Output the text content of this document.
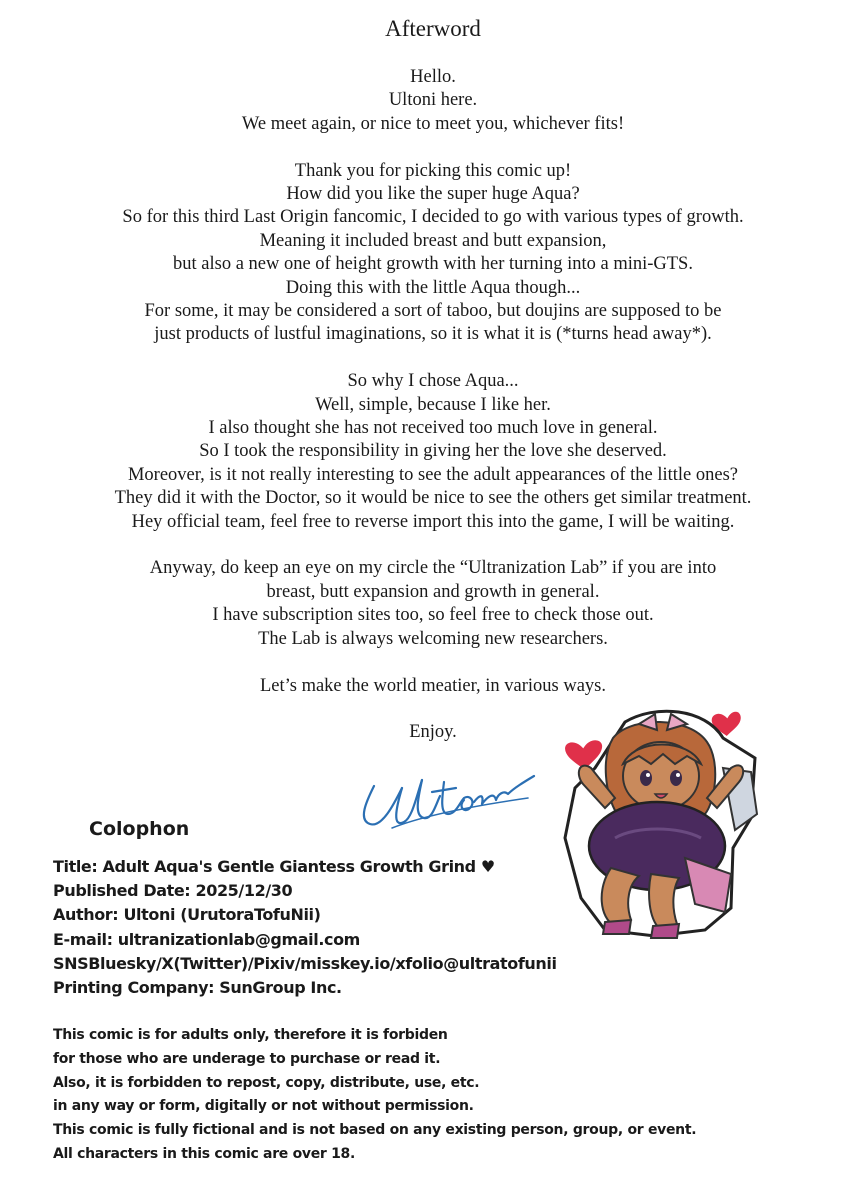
Afterword

Hello.

Ultoni here.

We meet again, or nice to meet you, whichever fits!

Thank you for picking this comic up!

How did you like the super huge Aqua?

So for this third Last Origin fancomic, I decided to go with various types of growth.

Meaning it included breast and butt expansion,

but also a new one of height growth with her turning into a mini-GTS.

Doing this with the little Aqua though...

For some, it may be considered a sort of taboo, but doujins are supposed to be

just products of lustful imaginations, so it is what it is (*turns head away*).

So why I chose Aqua...

Well, simple, because I like her.

I also thought she has not received too much love in general.

So I took the responsibility in giving her the love she deserved.

Moreover, is it not really interesting to see the adult appearances of the little ones?

They did it with the Doctor, so it would be nice to see the others get similar treatment.

Hey official team, feel free to reverse import this into the game, I will be waiting.

Anyway, do keep an eye on my circle the “Ultranization Lab” if you are into

breast, butt expansion and growth in general.

I have subscription sites too, so feel free to check those out.

The Lab is always welcoming new researchers.

Let’s make the world meatier, in various ways.

Enjoy.

Colophon
Title: Adult Aqua's Gentle Giantess Growth Grind ♥
Published Date: 2025/12/30
Author: Ultoni (UrutoraTofuNii)
E-mail: ultranizationlab@gmail.com
SNSBluesky/X(Twitter)/Pixiv/misskey.io/xfolio@ultratofunii
Printing Company: SunGroup Inc.

This comic is for adults only, therefore it is forbiden

for those who are underage to purchase or read it.

Also, it is forbidden to repost, copy, distribute, use, etc.

in any way or form, digitally or not without permission.

This comic is fully fictional and is not based on any existing person, group, or event.

All characters in this comic are over 18.
